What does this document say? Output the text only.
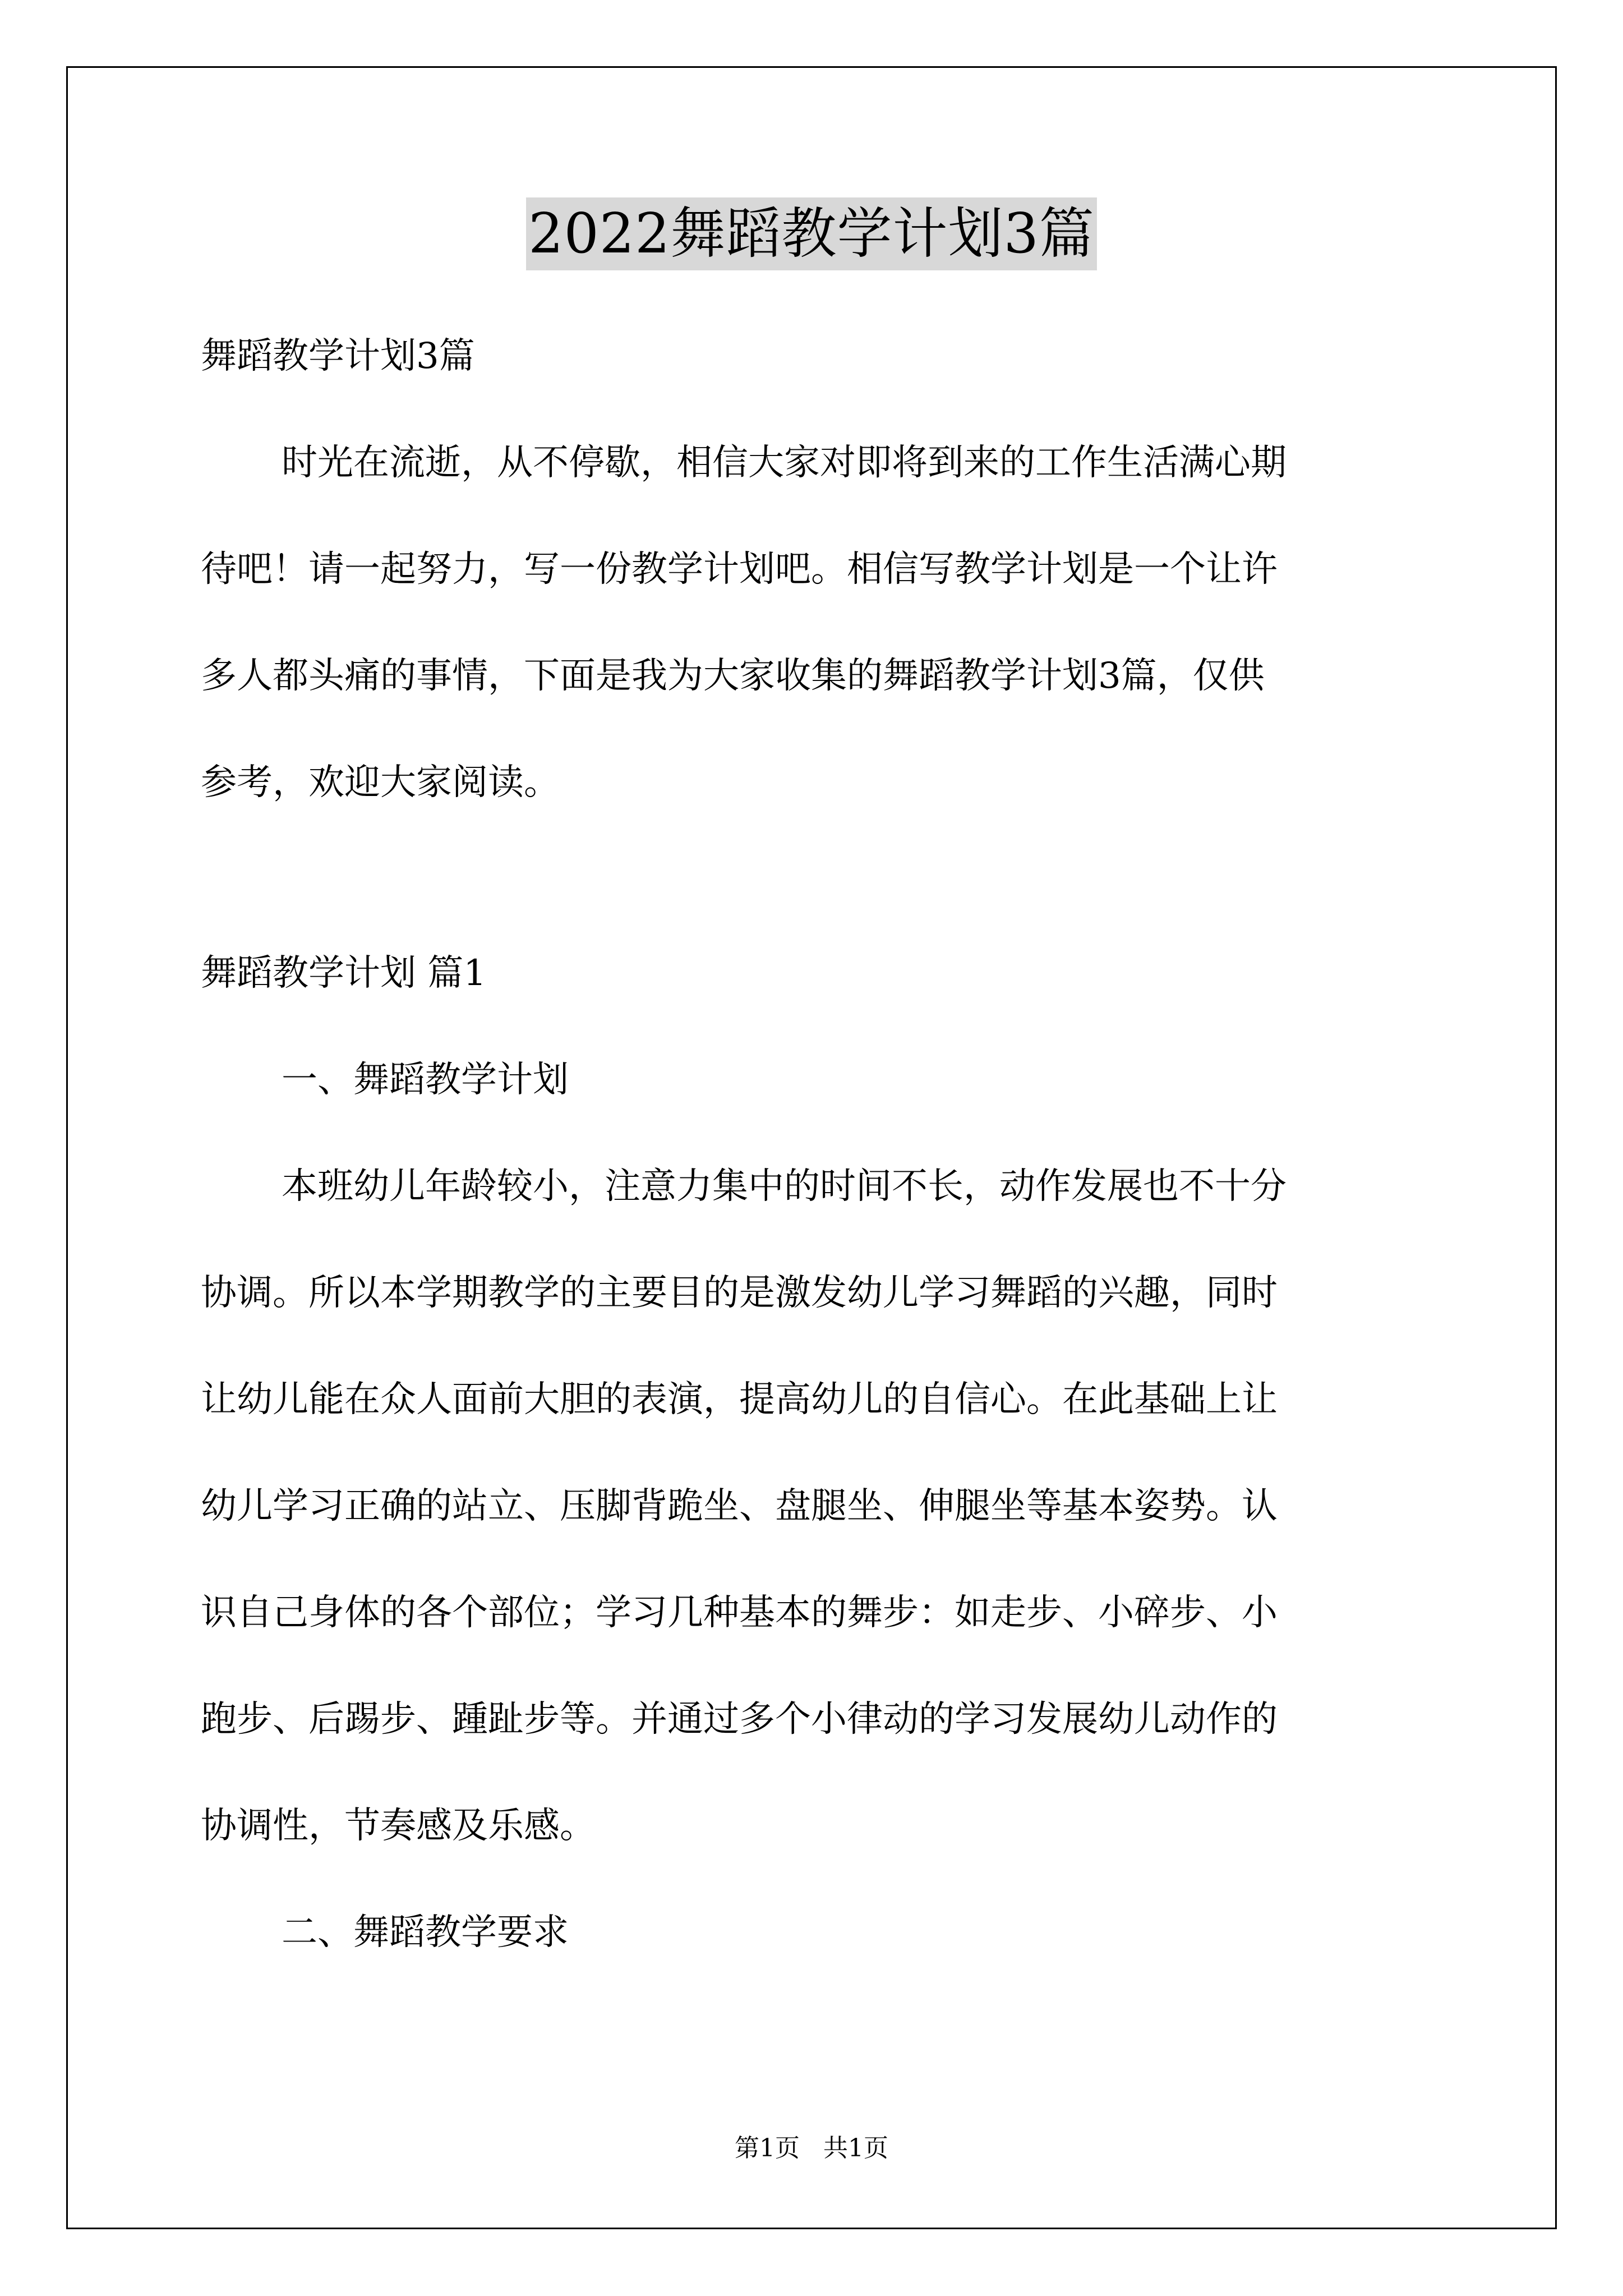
2022舞蹈教学计划3篇

舞蹈教学计划3篇

时光在流逝，从不停歇，相信大家对即将到来的工作生活满心期

待吧！请一起努力，写一份教学计划吧。相信写教学计划是一个让许

多人都头痛的事情，下面是我为大家收集的舞蹈教学计划3篇，仅供

参考，欢迎大家阅读。

舞蹈教学计划 篇1

一、舞蹈教学计划

本班幼儿年龄较小，注意力集中的时间不长，动作发展也不十分

协调。所以本学期教学的主要目的是激发幼儿学习舞蹈的兴趣，同时

让幼儿能在众人面前大胆的表演，提高幼儿的自信心。在此基础上让

幼儿学习正确的站立、压脚背跪坐、盘腿坐、伸腿坐等基本姿势。认

识自己身体的各个部位；学习几种基本的舞步：如走步、小碎步、小

跑步、后踢步、踵趾步等。并通过多个小律动的学习发展幼儿动作的

协调性，节奏感及乐感。

二、舞蹈教学要求

第1页   共1页
